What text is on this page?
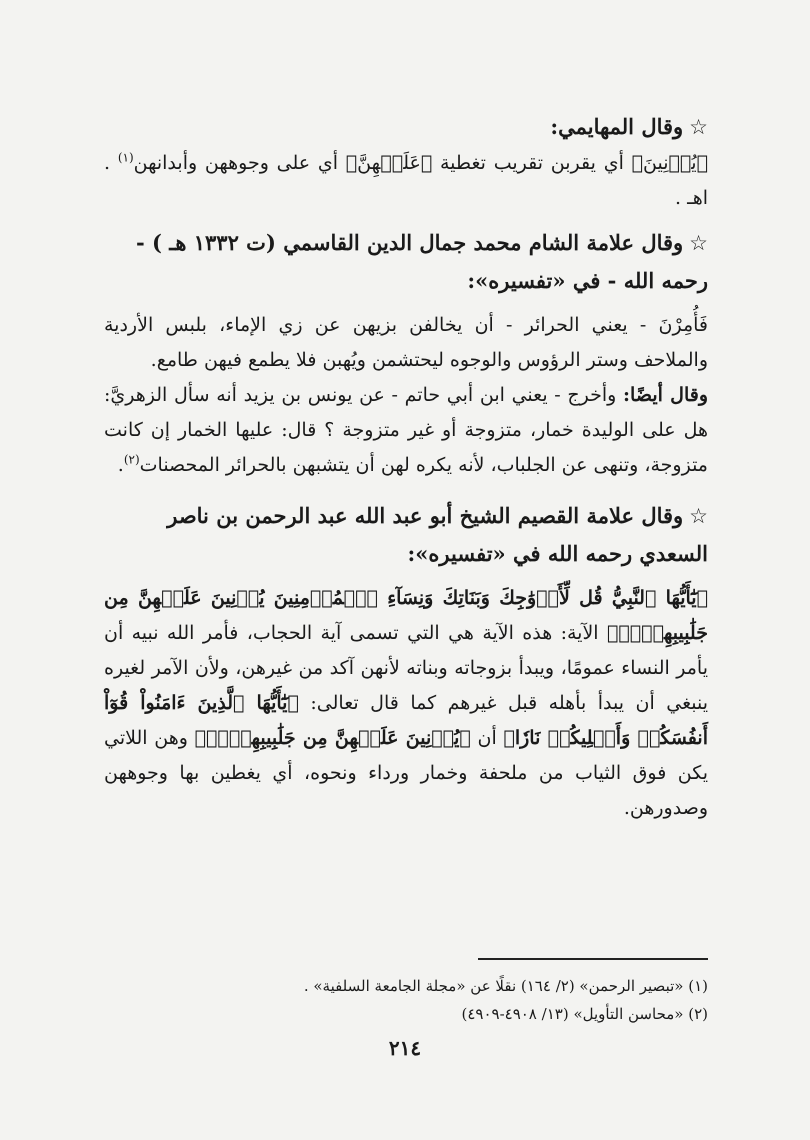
☆وقال المهايمي:

﴿يُدۡنِينَ﴾ أي يقربن تقريب تغطية ﴿عَلَيۡهِنَّ﴾ أي على وجوههن وأبدانهن$^{(١)}$ . اهـ .

☆وقال علامة الشام محمد جمال الدين القاسمي (ت ١٣٣٢ هـ ) - رحمه الله - في «تفسيره»:

فَأُمِرْنَ - يعني الحرائر - أن يخالفن بزيهن عن زي الإماء، بلبس الأردية والملاحف وستر الرؤوس والوجوه ليحتشمن ويُهبن فلا يطمع فيهن طامع.

وقال أيضًا: وأخرج - يعني ابن أبي حاتم - عن يونس بن يزيد أنه سأل الزهريَّ: هل على الوليدة خمار، متزوجة أو غير متزوجة ؟ قال: عليها الخمار إن كانت متزوجة، وتنهى عن الجلباب، لأنه يكره لهن أن يتشبهن بالحرائر المحصنات$^{(٢)}$.

☆وقال علامة القصيم الشيخ أبو عبد الله عبد الرحمن بن ناصر السعدي رحمه الله في «تفسيره»:

﴿يَٰٓأَيُّهَا ٱلنَّبِيُّ قُل لِّأَزۡوَٰجِكَ وَبَنَاتِكَ وَنِسَآءِ ٱلۡمُؤۡمِنِينَ يُدۡنِينَ عَلَيۡهِنَّ مِن جَلَٰبِيبِهِنَّۚ﴾ الآية: هذه الآية هي التي تسمى آية الحجاب، فأمر الله نبيه أن يأمر النساء عمومًا، ويبدأ بزوجاته وبناته لأنهن آكد من غيرهن، ولأن الآمر لغيره ينبغي أن يبدأ بأهله قبل غيرهم كما قال تعالى: ﴿يَٰٓأَيُّهَا ٱلَّذِينَ ءَامَنُواْ قُوٓاْ أَنفُسَكُمۡ وَأَهۡلِيكُمۡ نَارٗا﴾ أن ﴿يُدۡنِينَ عَلَيۡهِنَّ مِن جَلَٰبِيبِهِنَّۚ﴾ وهن اللاتي يكن فوق الثياب من ملحفة وخمار ورداء ونحوه، أي يغطين بها وجوههن وصدورهن.

(١) «تبصير الرحمن» (٢/ ١٦٤) نقلًا عن «مجلة الجامعة السلفية» .
(٢) «محاسن التأويل» (١٣/ ٤٩٠٨-٤٩٠٩)
٢١٤
